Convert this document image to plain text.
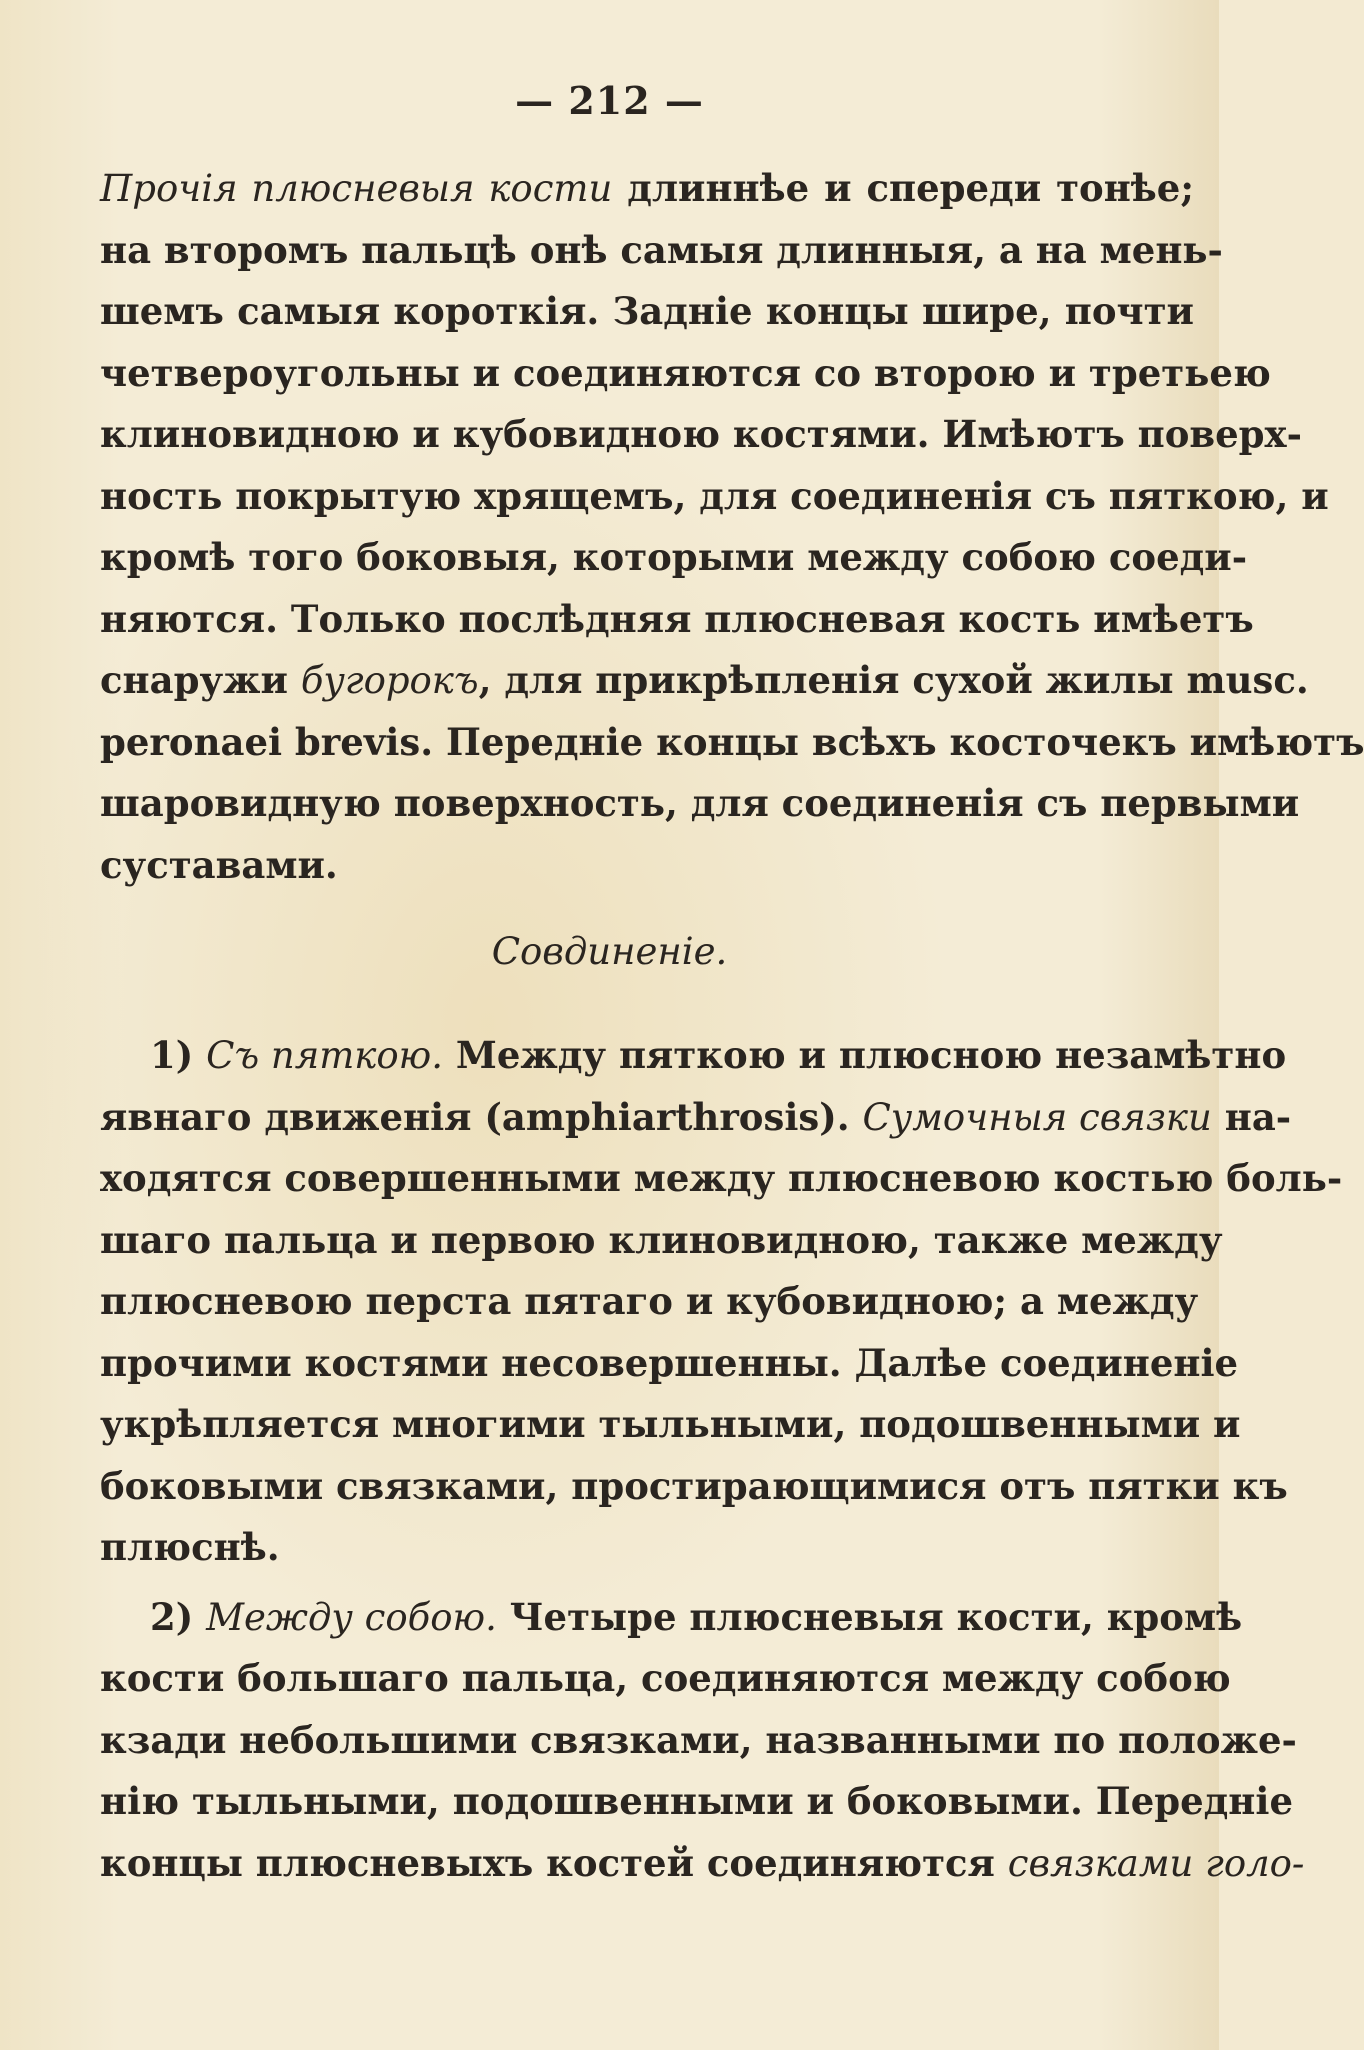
— 212 —
Прочія плюсневыя кости длиннѣе и спереди тонѣе;
на второмъ пальцѣ онѣ самыя длинныя, а на мень-
шемъ самыя короткія. Заднiе концы шире, почти
четвероугольны и соединяются со второю и третьею
клиновидною и кубовидною костями. Имѣютъ поверх-
ность покрытую хрящемъ, для соединенія съ пяткою, и
кромѣ того боковыя, которыми между собою соеди-
няются. Только послѣдняя плюсневая кость имѣетъ
снаружи бугорокъ, для прикрѣпленія сухой жилы musc.
peronaei brevis. Передніе концы всѣхъ косточекъ имѣютъ
шаровидную поверхность, для соединенія съ первыми
суставами.
Совдиненіе.
1) Съ пяткою. Между пяткою и плюсною незамѣтно
явнаго движенія (amphiarthrosis). Сумочныя связки на-
ходятся совершенными между плюсневою костью боль-
шаго пальца и первою клиновидною, также между
плюсневою перста пятаго и кубовидною; а между
прочими костями несовершенны. Далѣе соединеніе
укрѣпляется многими тыльными, подошвенными и
боковыми связками, простирающимися отъ пятки къ
плюснѣ.
2) Между собою. Четыре плюсневыя кости, кромѣ
кости большаго пальца, соединяются между собою
кзади небольшими связками, названными по положе-
нію тыльными, подошвенными и боковыми. Передніе
концы плюсневыхъ костей соединяются связками голо-
